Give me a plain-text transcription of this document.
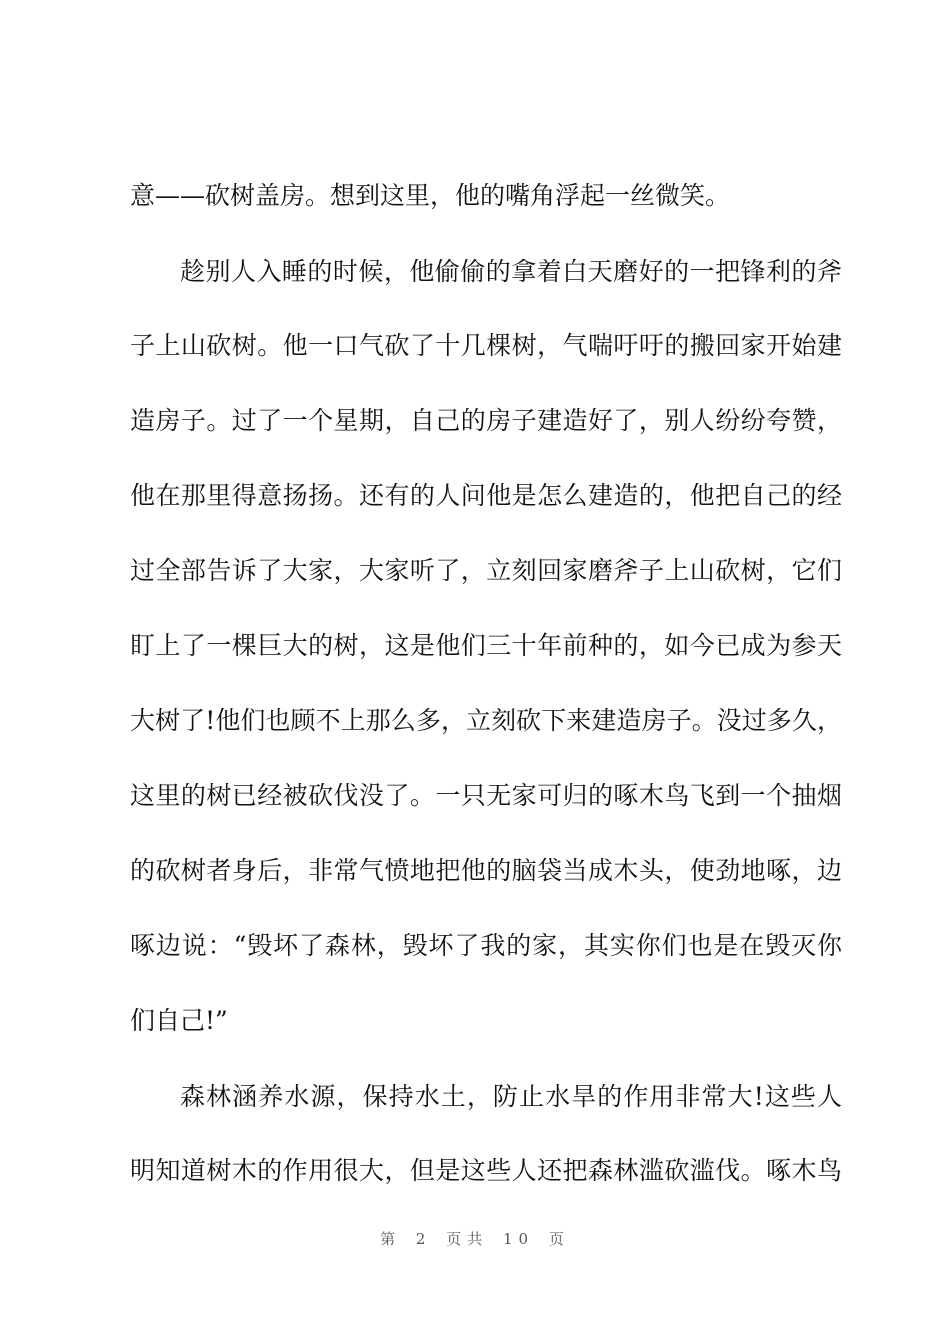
意——砍树盖房。想到这里，他的嘴角浮起一丝微笑。
趁别人入睡的时候，他偷偷的拿着白天磨好的一把锋利的斧
子上山砍树。他一口气砍了十几棵树，气喘吁吁的搬回家开始建
造房子。过了一个星期，自己的房子建造好了，别人纷纷夸赞，
他在那里得意扬扬。还有的人问他是怎么建造的，他把自己的经
过全部告诉了大家，大家听了，立刻回家磨斧子上山砍树，它们
盯上了一棵巨大的树，这是他们三十年前种的，如今已成为参天
大树了!他们也顾不上那么多，立刻砍下来建造房子。没过多久，
这里的树已经被砍伐没了。一只无家可归的啄木鸟飞到一个抽烟
的砍树者身后，非常气愤地把他的脑袋当成木头，使劲地啄，边
啄边说：“毁坏了森林，毁坏了我的家，其实你们也是在毁灭你
们自己!”
森林涵养水源，保持水土，防止水旱的作用非常大!这些人
明知道树木的作用很大，但是这些人还把森林滥砍滥伐。啄木鸟
第 2 页共 10 页
